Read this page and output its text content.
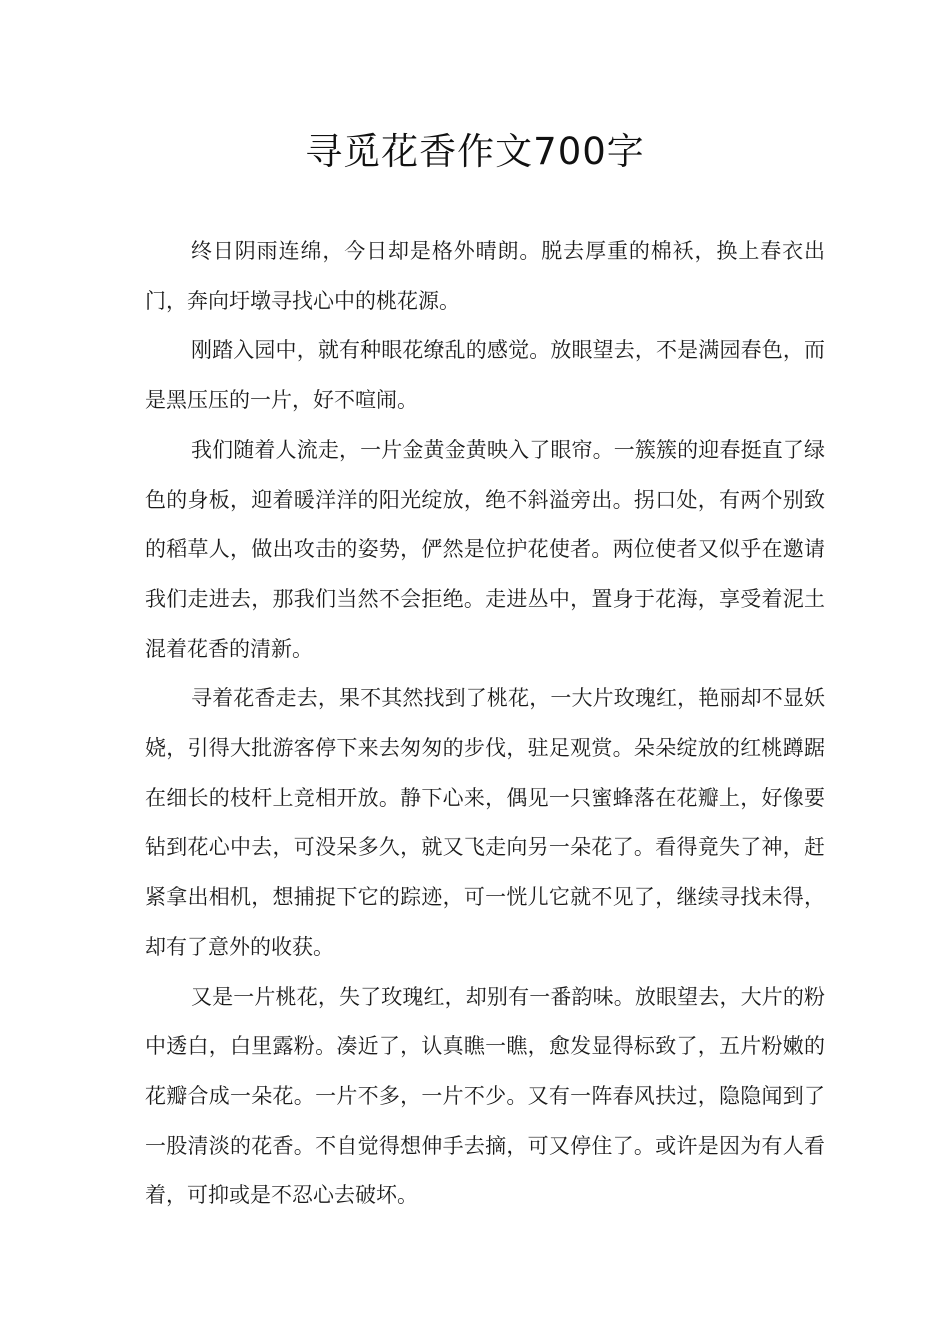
寻觅花香作文700字

终日阴雨连绵，今日却是格外晴朗。脱去厚重的棉袄，换上春衣出门，奔向圩墩寻找心中的桃花源。

刚踏入园中，就有种眼花缭乱的感觉。放眼望去，不是满园春色，而是黑压压的一片，好不喧闹。

我们随着人流走，一片金黄金黄映入了眼帘。一簇簇的迎春挺直了绿色的身板，迎着暖洋洋的阳光绽放，绝不斜溢旁出。拐口处，有两个别致的稻草人，做出攻击的姿势，俨然是位护花使者。两位使者又似乎在邀请我们走进去，那我们当然不会拒绝。走进丛中，置身于花海，享受着泥土混着花香的清新。

寻着花香走去，果不其然找到了桃花，一大片玫瑰红，艳丽却不显妖娆，引得大批游客停下来去匆匆的步伐，驻足观赏。朵朵绽放的红桃蹲踞在细长的枝杆上竞相开放。静下心来，偶见一只蜜蜂落在花瓣上，好像要钻到花心中去，可没呆多久，就又飞走向另一朵花了。看得竟失了神，赶紧拿出相机，想捕捉下它的踪迹，可一恍儿它就不见了，继续寻找未得，却有了意外的收获。

又是一片桃花，失了玫瑰红，却别有一番韵味。放眼望去，大片的粉中透白，白里露粉。凑近了，认真瞧一瞧，愈发显得标致了，五片粉嫩的花瓣合成一朵花。一片不多，一片不少。又有一阵春风扶过，隐隐闻到了一股清淡的花香。不自觉得想伸手去摘，可又停住了。或许是因为有人看着，可抑或是不忍心去破坏。
